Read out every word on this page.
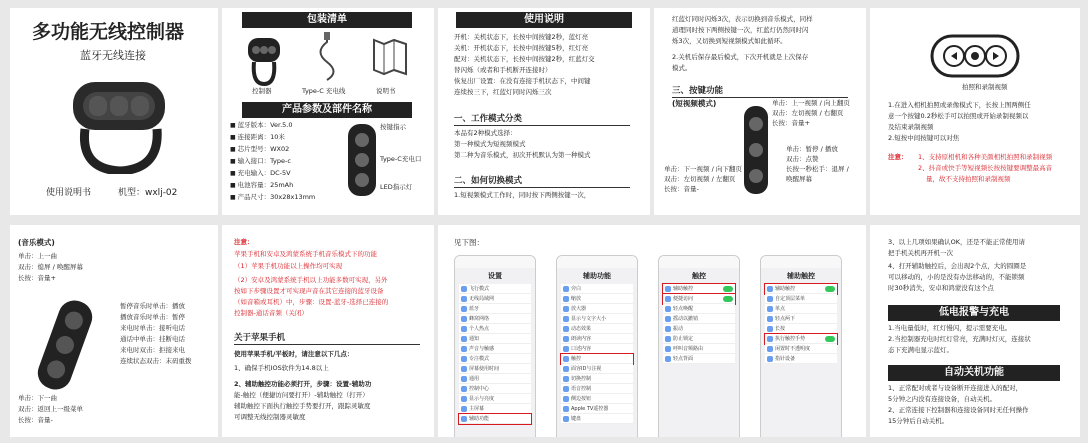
多功能无线控制器
蓝牙无线连接
使用说明书	机型：wxlj-02
包装清单
控制器	Type-C 充电线	说明书
产品参数及部件名称
■ 蓝牙版本：Ver.5.0
■ 连接距离：10米
■ 芯片型号：WX02
■ 输入接口：Type-c
■ 充电输入：DC-5V
■ 电池容量：25mAh
■ 产品尺寸：30x28x13mm
按键指示
Type-C充电口
LED指示灯
使用说明
开机：关机状态下，长按中间按键2秒，蓝灯亮
关机：开机状态下，长按中间按键5秒，红灯亮
配对：关机状态下，长按中间按键2秒，红蓝灯交
替闪烁（或者和手机断开连接时）
恢复出厂设置：在没有连接手机状态下，中间键
连续按三下，红蓝灯同时闪烁三次
一、工作模式分类
本品有2种模式选择：
第一种模式为短视频模式
第二种为音乐模式，初次开机默认为第一种模式
二、如何切换模式
1.短视频模式工作时，同时按下两侧按键一次，
红蓝灯同时闪烁3次，表示切换到音乐模式，同样
道理同时按下两侧按键一次，红蓝灯仍然同时闪
烁3次，又切换到短视频模式如此循环。
2.关机后保存最后模式，下次开机就是上次保存
模式。
三、按键功能
(短视频模式)	单击：上一视频 / 向上翻页
双击：左切视频 / 右翻页
长按：音量+
单击：暂停 / 播放
双击：点赞
长按一秒松手：退屏 /
唤醒屏幕
单击：下一视频 / 向下翻页
双击：左切视频 / 左翻页
长按：音量-
拍照和录制视频
1.在进入相机拍照或录像模式下，长按上图两侧任
意一个按键0.2秒松手可以拍照或开始录制视频以
及结束录制视频
2.短按中间按键可以对焦
注意： 1、支持原相机和各种美颜相机拍照和录制视频
2、抖音或快手等短视频长按按键要调整最高音
量，故不支持拍照和录制视频
(音乐模式)
单击：上一曲
双击：熄屏 / 唤醒屏幕
长按：音量+
暂停音乐时单击：播放
播放音乐时单击：暂停
来电时单击：接听电话
通话中单击：挂断电话
来电时双击：拒接来电
连续状态双击：末码重拨
单击：下一曲
双击：返回上一级菜单
长按：音量-
注意：
苹果手机和安卓及鸿蒙系统手机音乐模式下的功能
（1）苹果手机功能以上操作均可实现
（2）安卓及鸿蒙系统手机以上功能多数可实现，另外
按如下步骤设置才可实现声音在其它连接的蓝牙设备
（如音箱或耳机）中，步骤：设置-蓝牙-选择已连接的
控制器-通话音频（关闭）
关于苹果手机
使用苹果手机/平板时，请注意以下几点：
1、确保手机IOS软件为14.8以上
2、辅助触控功能必须打开，步骤：设置-辅助功
能-触控（便捷访问要打开）-辅助触控（打开）
辅助触控下面执行触控手势要打开，跟踪灵敏度
可调整无线控制器灵敏度
见下图：
设置
飞行模式
无线局域网
蓝牙
蜂窝网络
个人热点
通知
声音与触感
专注模式
屏幕使用时间
通用
控制中心
显示与亮度
主屏幕
辅助功能
辅助功能
旁白
缩放
放大器
显示与文字大小
动态效果
朗读内容
口述内容
触控
面容ID与注视
切换控制
语音控制
侧边按钮
Apple TV遥控器
键盘
触控
辅助触控
便捷访问
轻点唤醒
摇动以撤销
振动
防止锁定
呼叫音频路由
轻点背面
辅助触控
辅助触控
自定顶层菜单
单点
轻点两下
长按
执行触控手势
闲置时不透明度
指针设备
3、以上几项如果确认OK，还是不能正常使用请
把手机关机再开机一次
4、打开辅助触控后，会出现2个点，大的圆圈是
可以移动的，小的是没有办法移动的，不能锁频
时30秒消失，安卓和鸿蒙没有这个点
低电报警与充电
1.当电量低时，红灯慢闪，提示需要充电。
2.当控制器充电时红灯常亮，充满时灯灭，连接状
态下充满电显示蓝灯。
自动关机功能
1、正常配对或者与设备断开连接进入的配对，
5分钟之内没有连接设备，自动关机。
2、正常连接下控制器和连接设备同时无任何操作
15分钟后自动关机。
